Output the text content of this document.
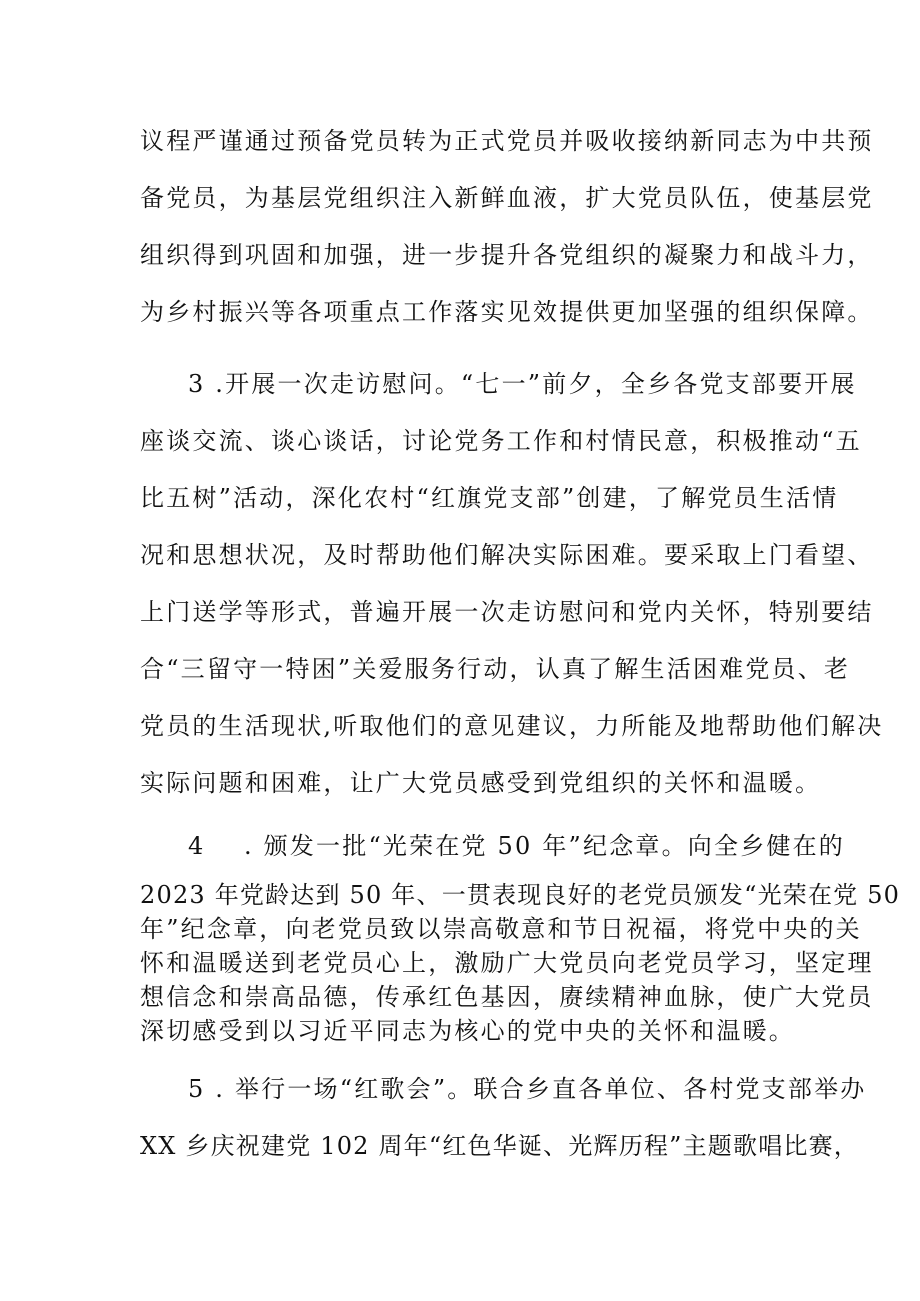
议程严谨通过预备党员转为正式党员并吸收接纳新同志为中共预
备党员，为基层党组织注入新鲜血液，扩大党员队伍，使基层党
组织得到巩固和加强，进一步提升各党组织的凝聚力和战斗力，
为乡村振兴等各项重点工作落实见效提供更加坚强的组织保障。
3 .开展一次走访慰问。“七一”前夕，全乡各党支部要开展
座谈交流、谈心谈话，讨论党务工作和村情民意，积极推动“五
比五树”活动，深化农村“红旗党支部”创建，了解党员生活情
况和思想状况，及时帮助他们解决实际困难。要采取上门看望、
上门送学等形式，普遍开展一次走访慰问和党内关怀，特别要结
合“三留守一特困”关爱服务行动，认真了解生活困难党员、老
党员的生活现状,听取他们的意见建议，力所能及地帮助他们解决
实际问题和困难，让广大党员感受到党组织的关怀和温暖。
4 . 颁发一批“光荣在党 50 年”纪念章。向全乡健在的
2023 年党龄达到 50 年、一贯表现良好的老党员颁发“光荣在党 50
年”纪念章，向老党员致以崇高敬意和节日祝福，将党中央的关
怀和温暖送到老党员心上，激励广大党员向老党员学习，坚定理
想信念和崇高品德，传承红色基因，赓续精神血脉，使广大党员
深切感受到以习近平同志为核心的党中央的关怀和温暖。
5 . 举行一场“红歌会”。联合乡直各单位、各村党支部举办
XX 乡庆祝建党 102 周年“红色华诞、光辉历程”主题歌唱比赛，
